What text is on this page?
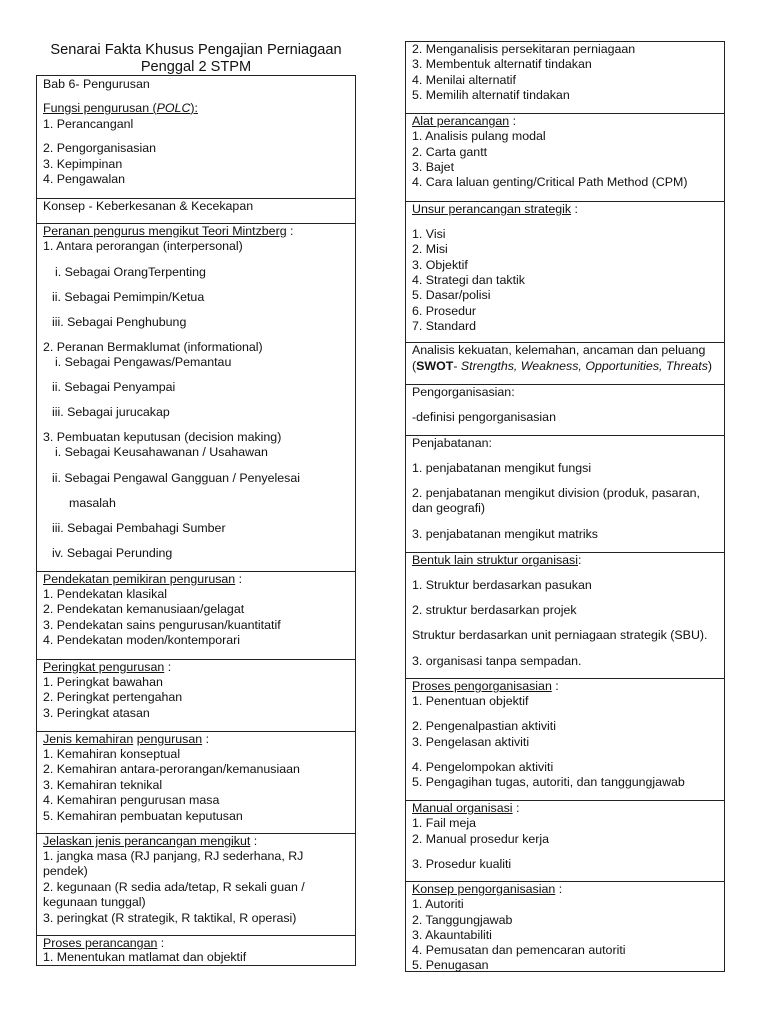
Senarai Fakta Khusus Pengajian Perniagaan
Penggal 2 STPM
Bab 6- Pengurusan
Fungsi pengurusan (POLC):
1. Perancanganl
2. Pengorganisasian
3. Kepimpinan
4. Pengawalan
Konsep - Keberkesanan & Kecekapan
Peranan pengurus mengikut Teori Mintzberg :
1. Antara perorangan (interpersonal)
i. Sebagai OrangTerpenting
ii. Sebagai Pemimpin/Ketua
iii. Sebagai Penghubung
2. Peranan Bermaklumat (informational)
i. Sebagai Pengawas/Pemantau
ii. Sebagai Penyampai
iii. Sebagai jurucakap
3. Pembuatan keputusan (decision making)
i. Sebagai Keusahawanan / Usahawan
ii. Sebagai Pengawal Gangguan / Penyelesai
masalah
iii. Sebagai Pembahagi Sumber
iv. Sebagai Perunding
Pendekatan pemikiran pengurusan :
1. Pendekatan klasikal
2. Pendekatan kemanusiaan/gelagat
3. Pendekatan sains pengurusan/kuantitatif
4. Pendekatan moden/kontemporari
Peringkat pengurusan :
1. Peringkat bawahan
2. Peringkat pertengahan
3. Peringkat atasan
Jenis kemahiran pengurusan :
1. Kemahiran konseptual
2. Kemahiran antara-perorangan/kemanusiaan
3. Kemahiran teknikal
4. Kemahiran pengurusan masa
5. Kemahiran pembuatan keputusan
Jelaskan jenis perancangan mengikut :
1. jangka masa (RJ panjang, RJ sederhana, RJ pendek)
2. kegunaan (R sedia ada/tetap, R sekali guan / kegunaan tunggal)
3. peringkat (R strategik, R taktikal, R operasi)
Proses perancangan :
1. Menentukan matlamat dan objektif
2. Menganalisis persekitaran perniagaan
3. Membentuk alternatif tindakan
4. Menilai alternatif
5. Memilih alternatif tindakan
Alat perancangan :
1. Analisis pulang modal
2. Carta gantt
3. Bajet
4. Cara laluan genting/Critical Path Method (CPM)
Unsur perancangan strategik :
1. Visi
2. Misi
3. Objektif
4. Strategi dan taktik
5. Dasar/polisi
6. Prosedur
7. Standard
Analisis kekuatan, kelemahan, ancaman dan peluang
(SWOT- Strengths, Weakness, Opportunities, Threats)
Pengorganisasian:
-definisi pengorganisasian
Penjabatanan:
1. penjabatanan mengikut fungsi
2. penjabatanan mengikut division (produk, pasaran, dan geografi)
3. penjabatanan mengikut matriks
Bentuk lain struktur organisasi:
1. Struktur berdasarkan pasukan
2. struktur berdasarkan projek
Struktur berdasarkan unit perniagaan strategik (SBU).
3. organisasi tanpa sempadan.
Proses pengorganisasian :
1. Penentuan objektif
2. Pengenalpastian aktiviti
3. Pengelasan aktiviti
4. Pengelompokan aktiviti
5. Pengagihan tugas, autoriti, dan tanggungjawab
Manual organisasi :
1. Fail meja
2. Manual prosedur kerja
3. Prosedur kualiti
Konsep pengorganisasian :
1. Autoriti
2. Tanggungjawab
3. Akauntabiliti
4. Pemusatan dan pemencaran autoriti
5. Penugasan
